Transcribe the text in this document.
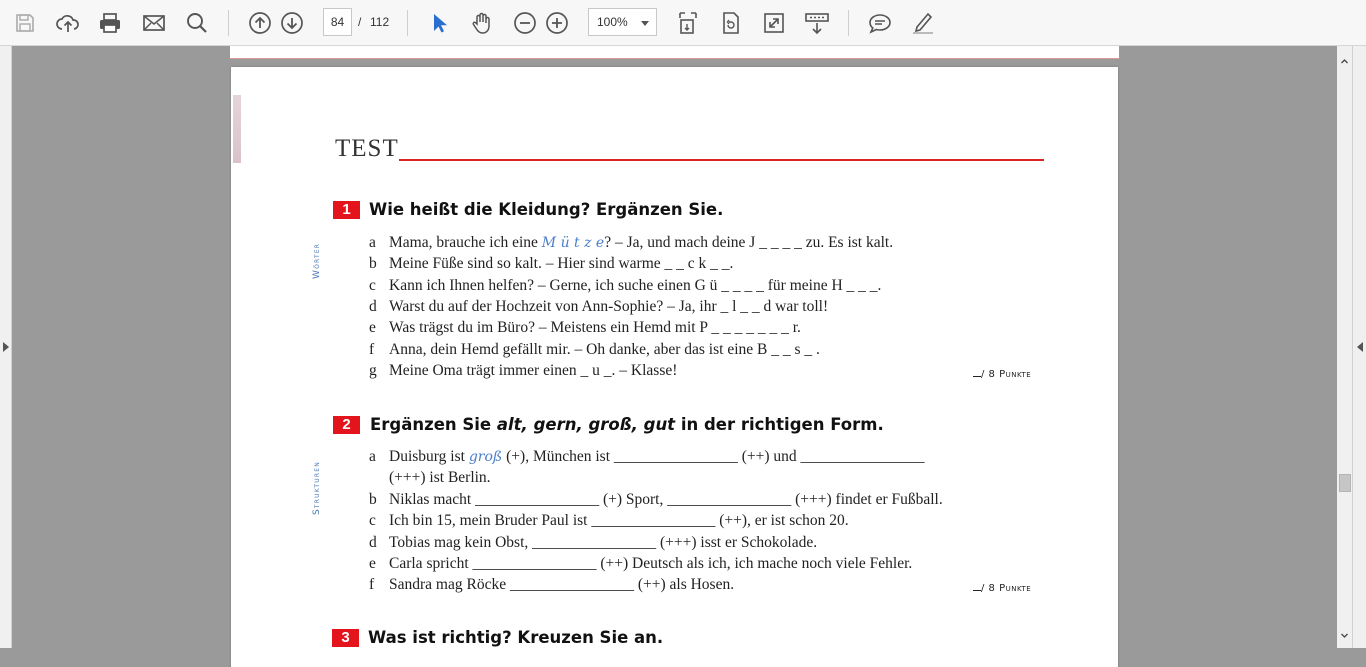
84
/ 112	100%
TEST
1	Wie heißt die Kleidung? Ergänzen Sie.
Wörter
a Mama, brauche ich eine M ü t z e? – Ja, und mach deine J _ _ _ _ zu. Es ist kalt.
b Meine Füße sind so kalt. – Hier sind warme _ _ c k _ _.
c Kann ich Ihnen helfen? – Gerne, ich suche einen G ü _ _ _ _ für meine H _ _ _.
d Warst du auf der Hochzeit von Ann-Sophie? – Ja, ihr _ l _ _ d war toll!
e Was trägst du im Büro? – Meistens ein Hemd mit P _ _ _ _ _ _ _ r.
f Anna, dein Hemd gefällt mir. – Oh danke, aber das ist eine B _ _ s _ .
g Meine Oma trägt immer einen _ u _. – Klasse!	/ 8 Punkte
2	Ergänzen Sie alt, gern, groß, gut in der richtigen Form.
Strukturen
a Duisburg ist groß (+), München ist ________________ (++) und ________________
(+++) ist Berlin.
b Niklas macht ________________ (+) Sport, ________________ (+++) findet er Fußball.
c Ich bin 15, mein Bruder Paul ist ________________ (++), er ist schon 20.
d Tobias mag kein Obst, ________________ (+++) isst er Schokolade.
e Carla spricht ________________ (++) Deutsch als ich, ich mache noch viele Fehler.
f Sandra mag Röcke ________________ (++) als Hosen.	/ 8 Punkte
3	Was ist richtig? Kreuzen Sie an.
